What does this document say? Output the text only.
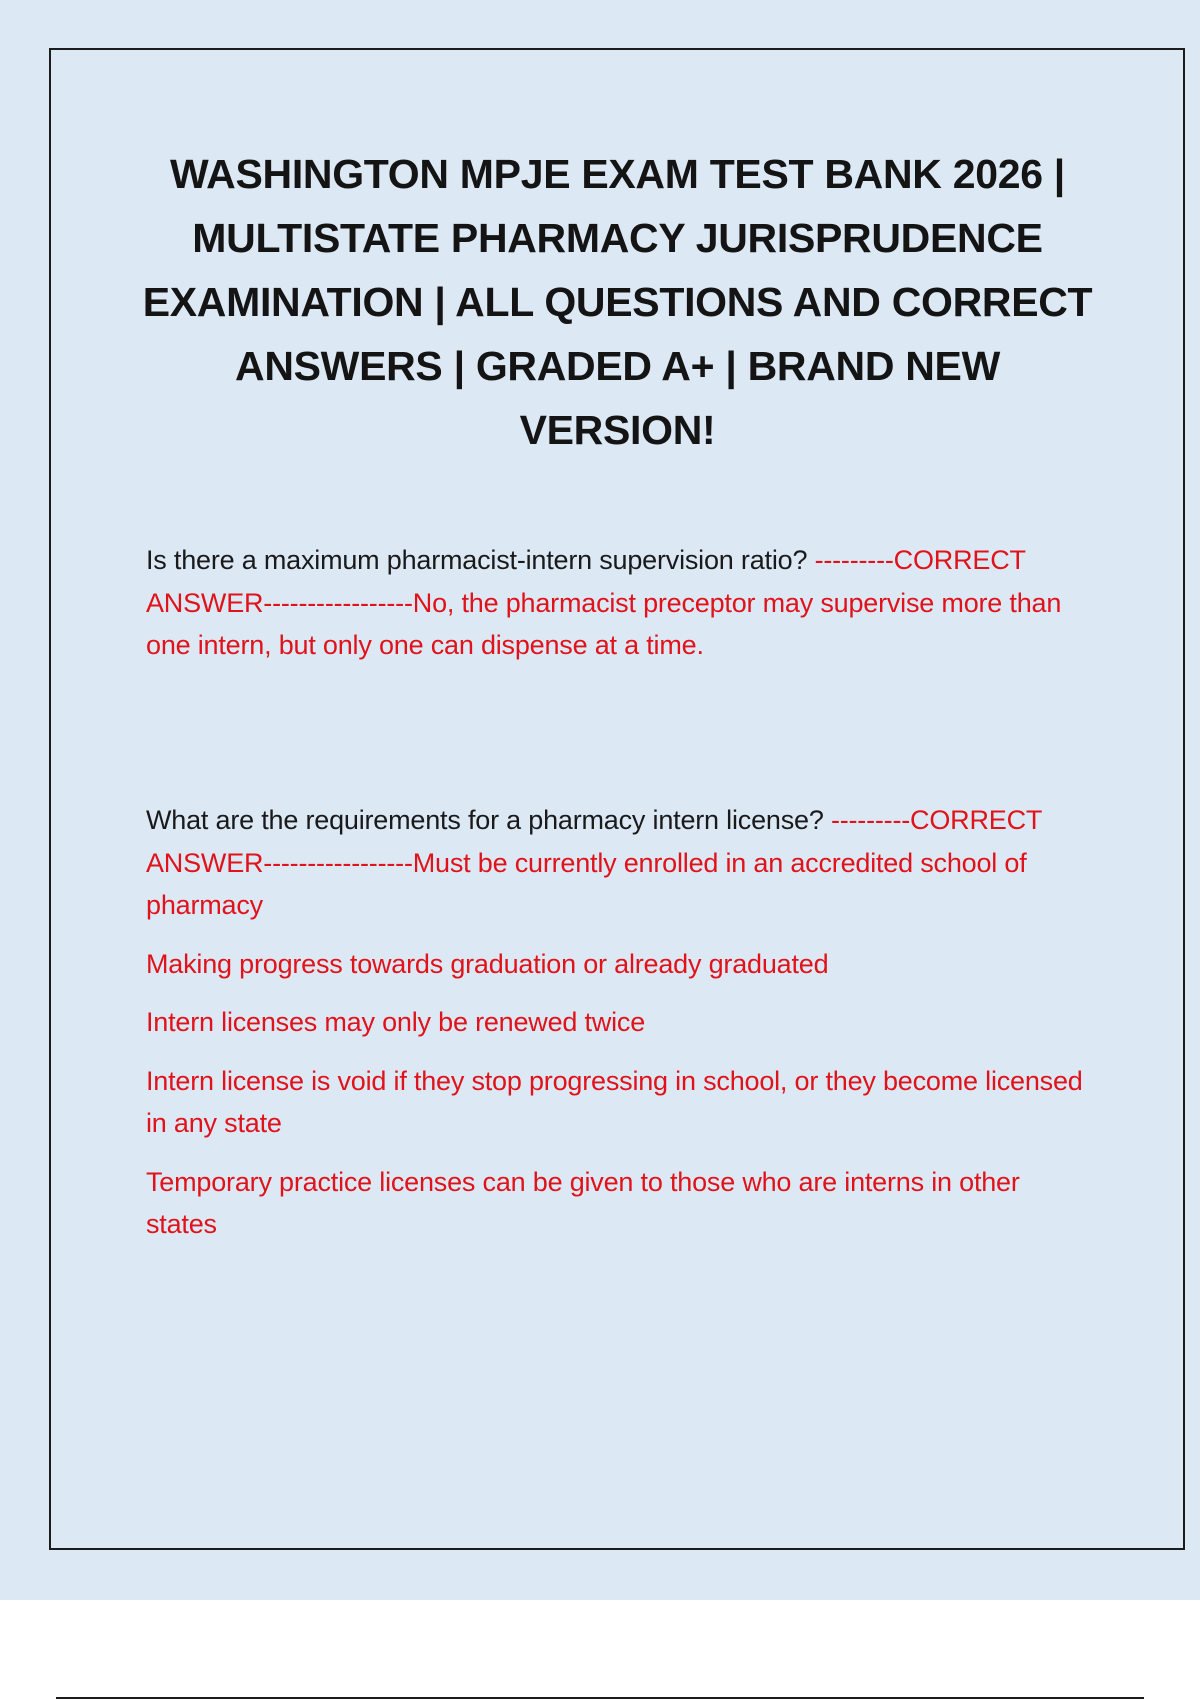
WASHINGTON MPJE EXAM TEST BANK 2026 | MULTISTATE PHARMACY JURISPRUDENCE EXAMINATION | ALL QUESTIONS AND CORRECT ANSWERS | GRADED A+ | BRAND NEW VERSION!

Is there a maximum pharmacist-intern supervision ratio? ---------CORRECT ANSWER-----------------No, the pharmacist preceptor may supervise more than one intern, but only one can dispense at a time.

What are the requirements for a pharmacy intern license? ---------CORRECT ANSWER-----------------Must be currently enrolled in an accredited school of pharmacy

Making progress towards graduation or already graduated

Intern licenses may only be renewed twice

Intern license is void if they stop progressing in school, or they become licensed in any state

Temporary practice licenses can be given to those who are interns in other states
